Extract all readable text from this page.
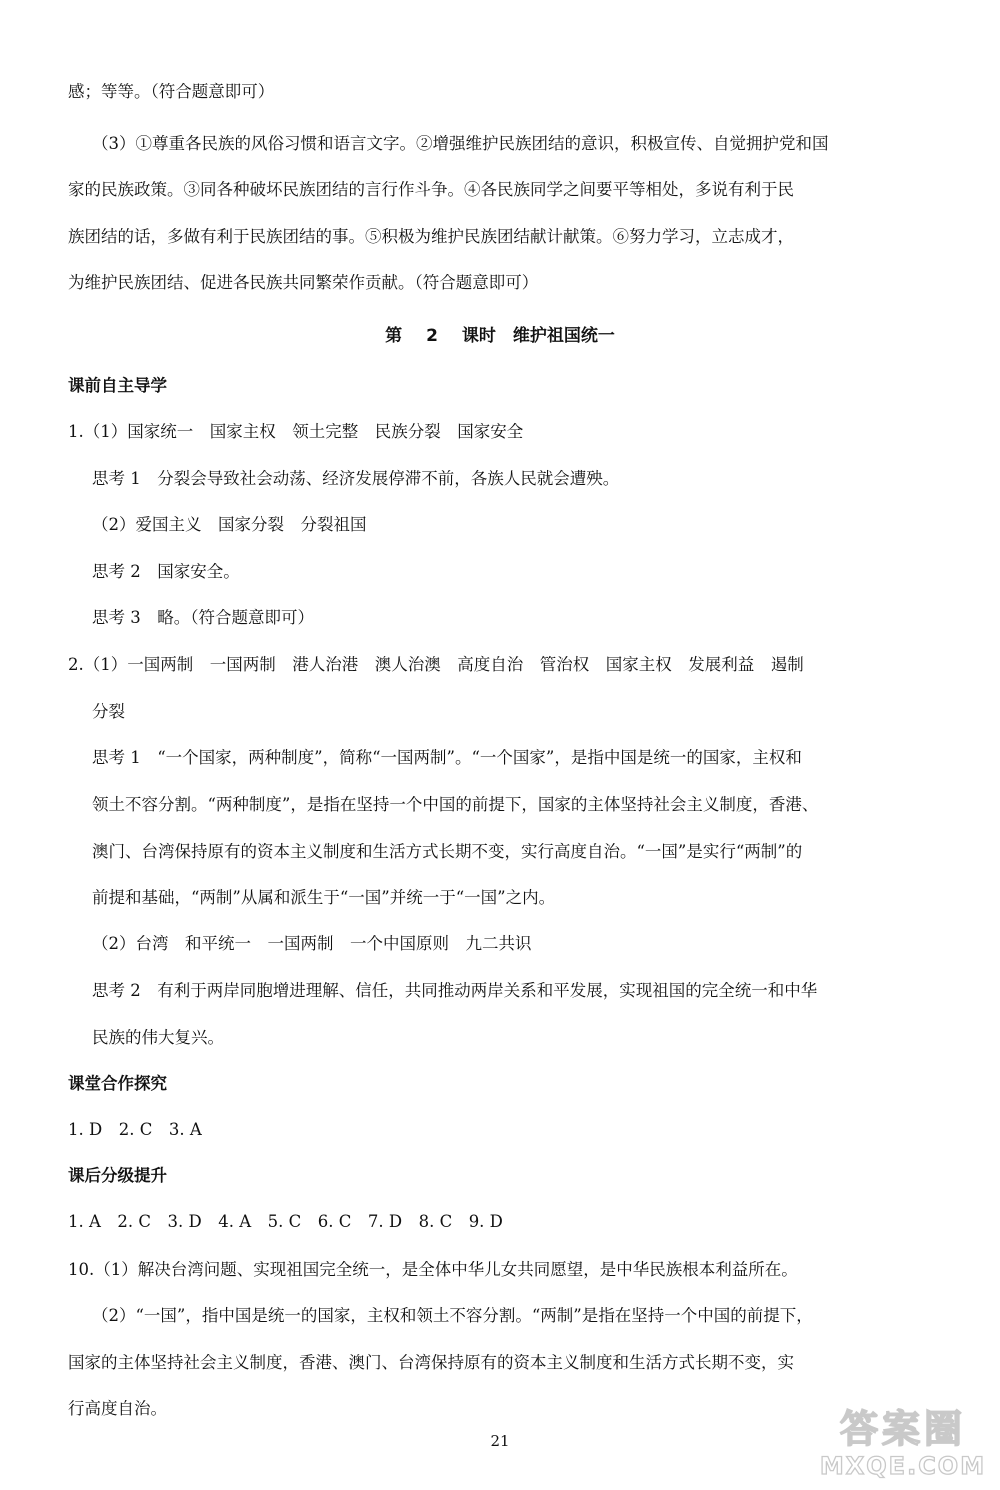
感；等等。（符合题意即可）
（3）①尊重各民族的风俗习惯和语言文字。②增强维护民族团结的意识，积极宣传、自觉拥护党和国
家的民族政策。③同各种破坏民族团结的言行作斗争。④各民族同学之间要平等相处，多说有利于民
族团结的话，多做有利于民族团结的事。⑤积极为维护民族团结献计献策。⑥努力学习，立志成才，
为维护民族团结、促进各民族共同繁荣作贡献。（符合题意即可）
第 2 课时　维护祖国统一
课前自主导学
1.（1）国家统一　国家主权　领土完整　民族分裂　国家安全
思考 1　分裂会导致社会动荡、经济发展停滞不前，各族人民就会遭殃。
（2）爱国主义　国家分裂　分裂祖国
思考 2　国家安全。
思考 3　略。（符合题意即可）
2.（1）一国两制　一国两制　港人治港　澳人治澳　高度自治　管治权　国家主权　发展利益　遏制
分裂
思考 1　“一个国家，两种制度”，简称“一国两制”。“一个国家”，是指中国是统一的国家，主权和
领土不容分割。“两种制度”，是指在坚持一个中国的前提下，国家的主体坚持社会主义制度，香港、
澳门、台湾保持原有的资本主义制度和生活方式长期不变，实行高度自治。“一国”是实行“两制”的
前提和基础，“两制”从属和派生于“一国”并统一于“一国”之内。
（2）台湾　和平统一　一国两制　一个中国原则　九二共识
思考 2　有利于两岸同胞增进理解、信任，共同推动两岸关系和平发展，实现祖国的完全统一和中华
民族的伟大复兴。
课堂合作探究
1. D　2. C　3. A
课后分级提升
1. A　2. C　3. D　4. A　5. C　6. C　7. D　8. C　9. D
10.（1）解决台湾问题、实现祖国完全统一，是全体中华儿女共同愿望，是中华民族根本利益所在。
（2）“一国”，指中国是统一的国家，主权和领土不容分割。“两制”是指在坚持一个中国的前提下，
国家的主体坚持社会主义制度，香港、澳门、台湾保持原有的资本主义制度和生活方式长期不变，实
行高度自治。
21	答案圈
MXQE.COM
